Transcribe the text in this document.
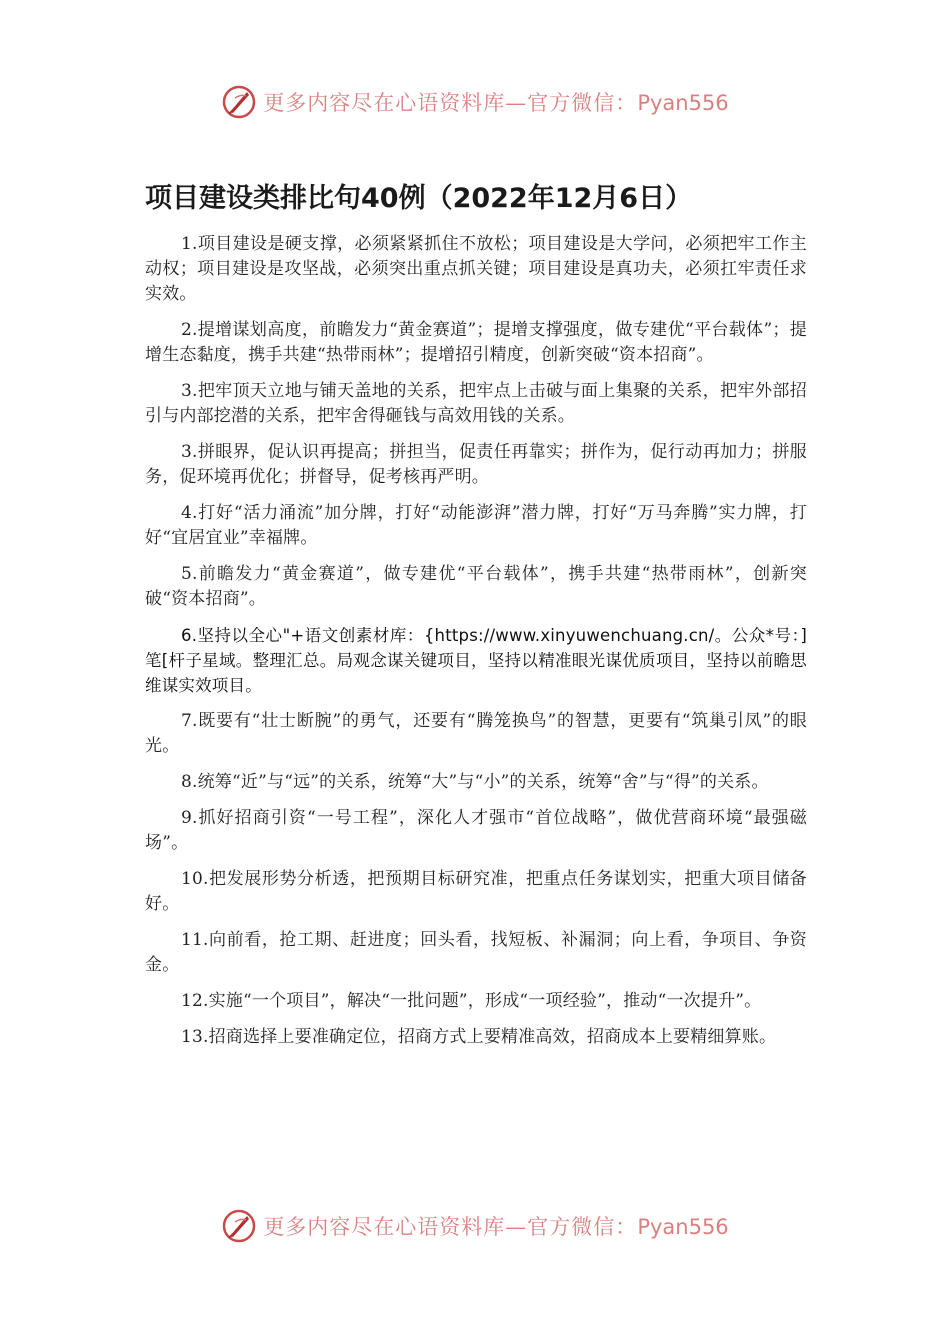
更多内容尽在心语资料库—官方微信：Pyan556
项目建设类排比句40例（2022年12月6日）

1.项目建设是硬支撑，必须紧紧抓住不放松；项目建设是大学问，必须把牢工作主动权；项目建设是攻坚战，必须突出重点抓关键；项目建设是真功夫，必须扛牢责任求实效。

2.提增谋划高度，前瞻发力“黄金赛道”；提增支撑强度，做专建优“平台载体”；提增生态黏度，携手共建“热带雨林”；提增招引精度，创新突破“资本招商”。

3.把牢顶天立地与铺天盖地的关系，把牢点上击破与面上集聚的关系，把牢外部招引与内部挖潜的关系，把牢舍得砸钱与高效用钱的关系。

3.拼眼界，促认识再提高；拼担当，促责任再靠实；拼作为，促行动再加力；拼服务，促环境再优化；拼督导，促考核再严明。

4.打好“活力涌流”加分牌，打好“动能澎湃”潜力牌，打好“万马奔腾”实力牌，打好“宜居宜业”幸福牌。

5.前瞻发力“黄金赛道”，做专建优“平台载体”，携手共建“热带雨林”，创新突破“资本招商”。

6.坚持以全心"+语文创素材库：{https://www.xinyuwenchuang.cn/。公众*号：]笔[杆子星域。整理汇总。局观念谋关键项目，坚持以精准眼光谋优质项目，坚持以前瞻思维谋实效项目。

7.既要有“壮士断腕”的勇气，还要有“腾笼换鸟”的智慧，更要有“筑巢引凤”的眼光。

8.统筹“近”与“远”的关系，统筹“大”与“小”的关系，统筹“舍”与“得”的关系。

9.抓好招商引资“一号工程”，深化人才强市“首位战略”，做优营商环境“最强磁场”。

10.把发展形势分析透，把预期目标研究准，把重点任务谋划实，把重大项目储备好。

11.向前看，抢工期、赶进度；回头看，找短板、补漏洞；向上看，争项目、争资金。

12.实施“一个项目”，解决“一批问题”，形成“一项经验”，推动“一次提升”。

13.招商选择上要准确定位，招商方式上要精准高效，招商成本上要精细算账。

更多内容尽在心语资料库—官方微信：Pyan556
